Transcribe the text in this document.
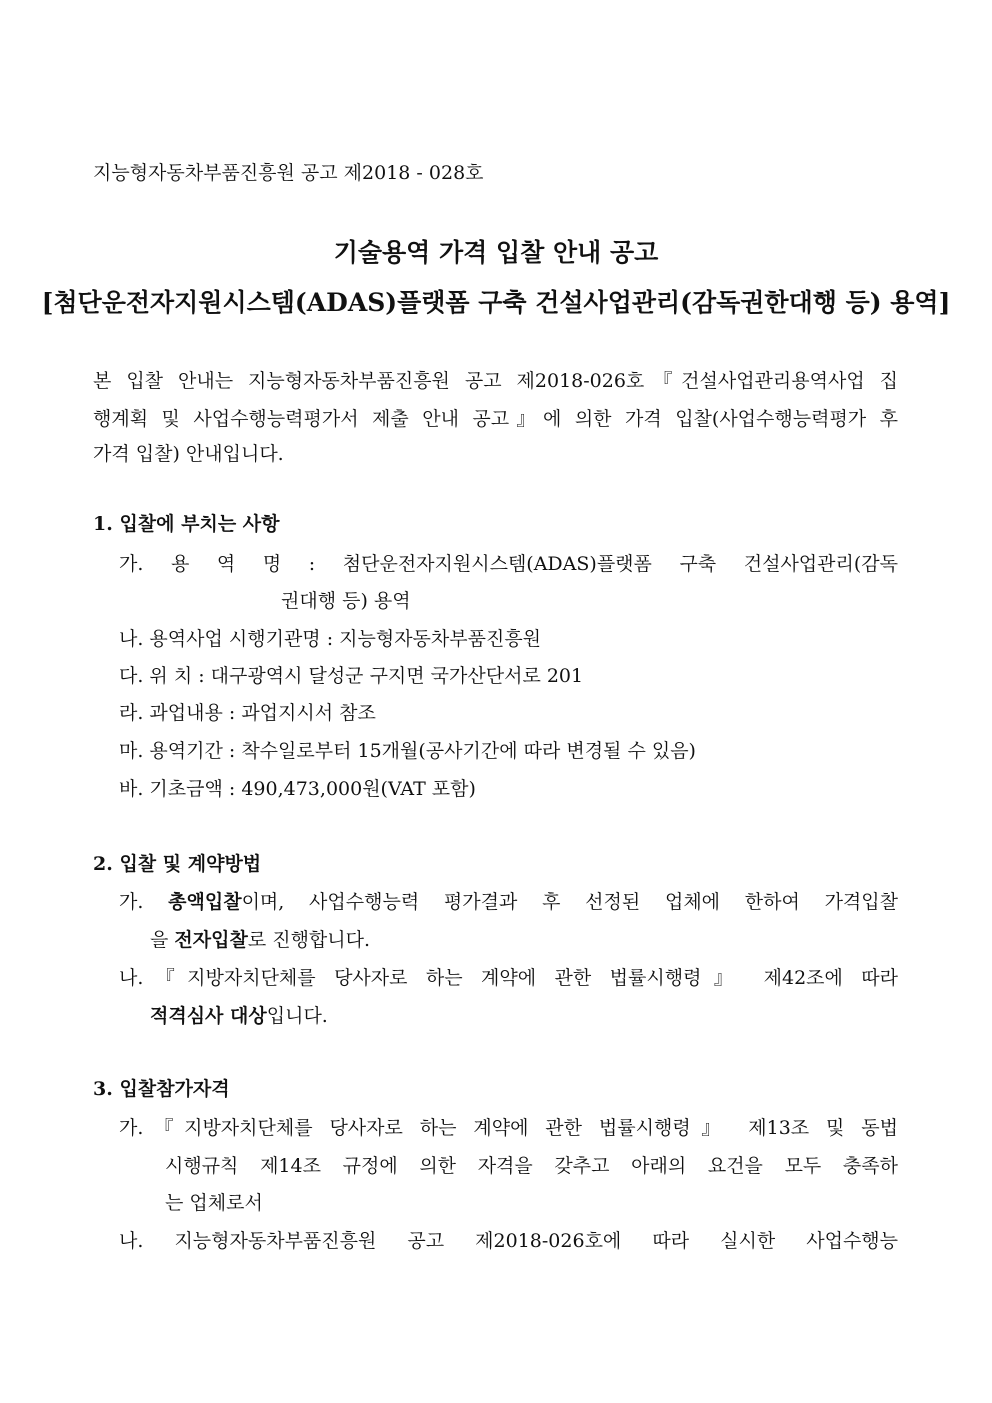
지능형자동차부품진흥원 공고 제2018 - 028호
기술용역 가격 입찰 안내 공고
[첨단운전자지원시스템(ADAS)플랫폼 구축 건설사업관리(감독권한대행 등) 용역]
본 입찰 안내는 지능형자동차부품진흥원 공고 제2018-026호『건설사업관리용역사업 집
행계획 및 사업수행능력평가서 제출 안내 공고』에 의한 가격 입찰(사업수행능력평가 후
가격 입찰) 안내입니다.
1. 입찰에 부치는 사항
가. 용 역 명 : 첨단운전자지원시스템(ADAS)플랫폼 구축 건설사업관리(감독
권대행 등) 용역
나. 용역사업 시행기관명 : 지능형자동차부품진흥원
다. 위 치 : 대구광역시 달성군 구지면 국가산단서로 201
라. 과업내용 : 과업지시서 참조
마. 용역기간 : 착수일로부터 15개월(공사기간에 따라 변경될 수 있음)
바. 기초금액 : 490,473,000원(VAT 포함)
2. 입찰 및 계약방법
가. 총액입찰이며, 사업수행능력 평가결과 후 선정된 업체에 한하여 가격입찰
을 전자입찰로 진행합니다.
나.『지방자치단체를 당사자로 하는 계약에 관한 법률시행령』 제42조에 따라
적격심사 대상입니다.
3. 입찰참가자격
가.『지방자치단체를 당사자로 하는 계약에 관한 법률시행령』 제13조 및 동법
시행규칙 제14조 규정에 의한 자격을 갖추고 아래의 요건을 모두 충족하
는 업체로서
나. 지능형자동차부품진흥원 공고 제2018-026호에 따라 실시한 사업수행능
